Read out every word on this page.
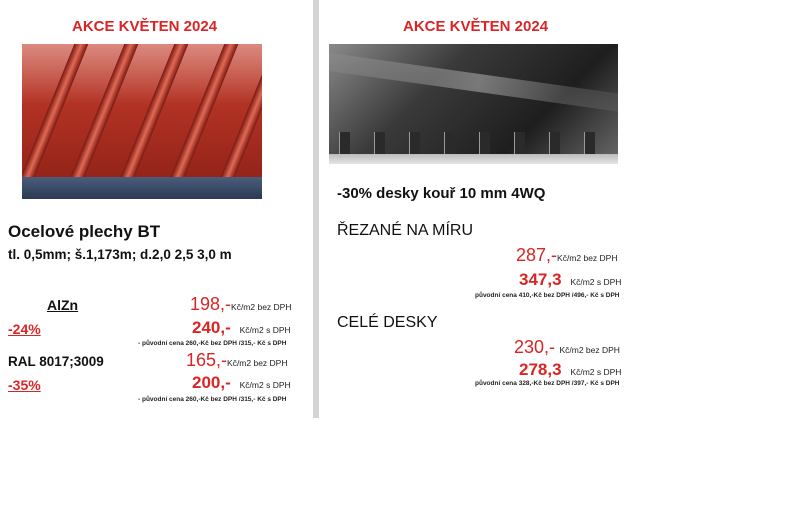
AKCE KVĚTEN 2024
Ocelové plechy BT
tl. 0,5mm; š.1,173m; d.2,0 2,5 3,0 m
AlZn	198,-Kč/m2 bez DPH
-24%	240,- Kč/m2 s DPH
- původní cena 260,-Kč bez DPH /315,- Kč s DPH
RAL 8017;3009	165,-Kč/m2 bez DPH
-35%	200,- Kč/m2 s DPH
- původní cena 260,-Kč bez DPH /315,- Kč s DPH
AKCE KVĚTEN 2024
-30% desky kouř 10 mm 4WQ
ŘEZANÉ NA MÍRU
287,-Kč/m2 bez DPH
347,3 Kč/m2 s DPH
původní cena 410,-Kč bez DPH /496,- Kč s DPH
CELÉ DESKY
230,- Kč/m2 bez DPH
278,3 Kč/m2 s DPH
původní cena 328,-Kč bez DPH /397,- Kč s DPH
